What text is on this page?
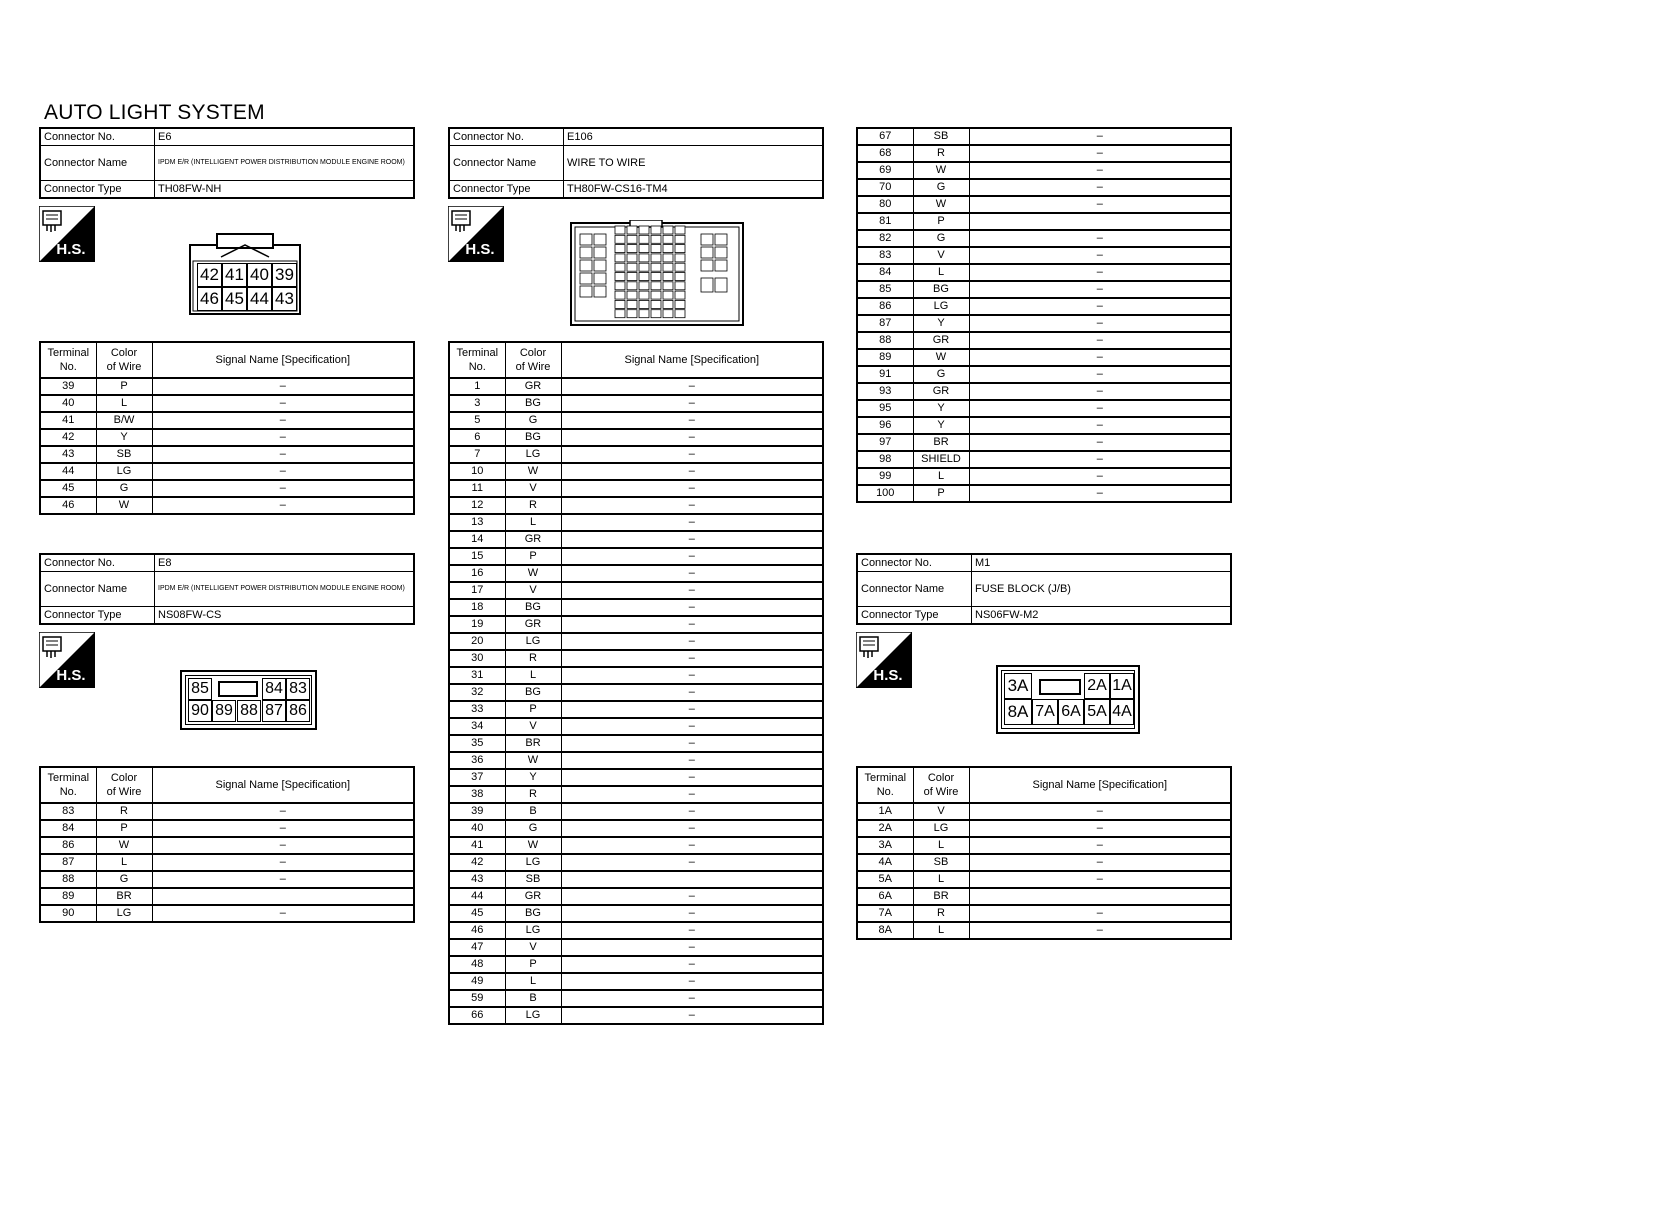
AUTO LIGHT SYSTEM
Connector No.	E6
Connector Name	IPDM E/R (INTELLIGENT POWER DISTRIBUTION MODULE ENGINE ROOM)
Connector Type	TH08FW-NH
H.S.
42 41 40 39
46 45 44 43
Terminal
No.	Color
of Wire	Signal Name [Specification]
39	P	–
40	L	–
41	B/W	–
42	Y	–
43	SB	–
44	LG	–
45	G	–
46	W	–
Connector No.	E8
Connector Name	IPDM E/R (INTELLIGENT POWER DISTRIBUTION MODULE ENGINE ROOM)
Connector Type	NS08FW-CS
H.S.
85	84 83
90 89 88 87 86
Terminal
No.	Color
of Wire	Signal Name [Specification]
83	R	–
84	P	–
86	W	–
87	L	–
88	G	–
89	BR	
90	LG	–
Connector No.	E106
Connector Name	WIRE TO WIRE
Connector Type	TH80FW-CS16-TM4
H.S.
Terminal
No.	Color
of Wire	Signal Name [Specification]
1	GR	–
3	BG	–
5	G	–
6	BG	–
7	LG	–
10	W	–
11	V	–
12	R	–
13	L	–
14	GR	–
15	P	–
16	W	–
17	V	–
18	BG	–
19	GR	–
20	LG	–
30	R	–
31	L	–
32	BG	–
33	P	–
34	V	–
35	BR	–
36	W	–
37	Y	–
38	R	–
39	B	–
40	G	–
41	W	–
42	LG	–
43	SB	
44	GR	–
45	BG	–
46	LG	–
47	V	–
48	P	–
49	L	–
59	B	–
66	LG	–
67	SB	–
68	R	–
69	W	–
70	G	–
80	W	–
81	P	
82	G	–
83	V	–
84	L	–
85	BG	–
86	LG	–
87	Y	–
88	GR	–
89	W	–
91	G	–
93	GR	–
95	Y	–
96	Y	–
97	BR	–
98	SHIELD	–
99	L	–
100	P	–
Connector No.	M1
Connector Name	FUSE BLOCK (J/B)
Connector Type	NS06FW-M2
H.S.
3A	2A 1A
8A 7A 6A 5A 4A
Terminal
No.	Color
of Wire	Signal Name [Specification]
1A	V	–
2A	LG	–
3A	L	–
4A	SB	–
5A	L	–
6A	BR	
7A	R	–
8A	L	–
